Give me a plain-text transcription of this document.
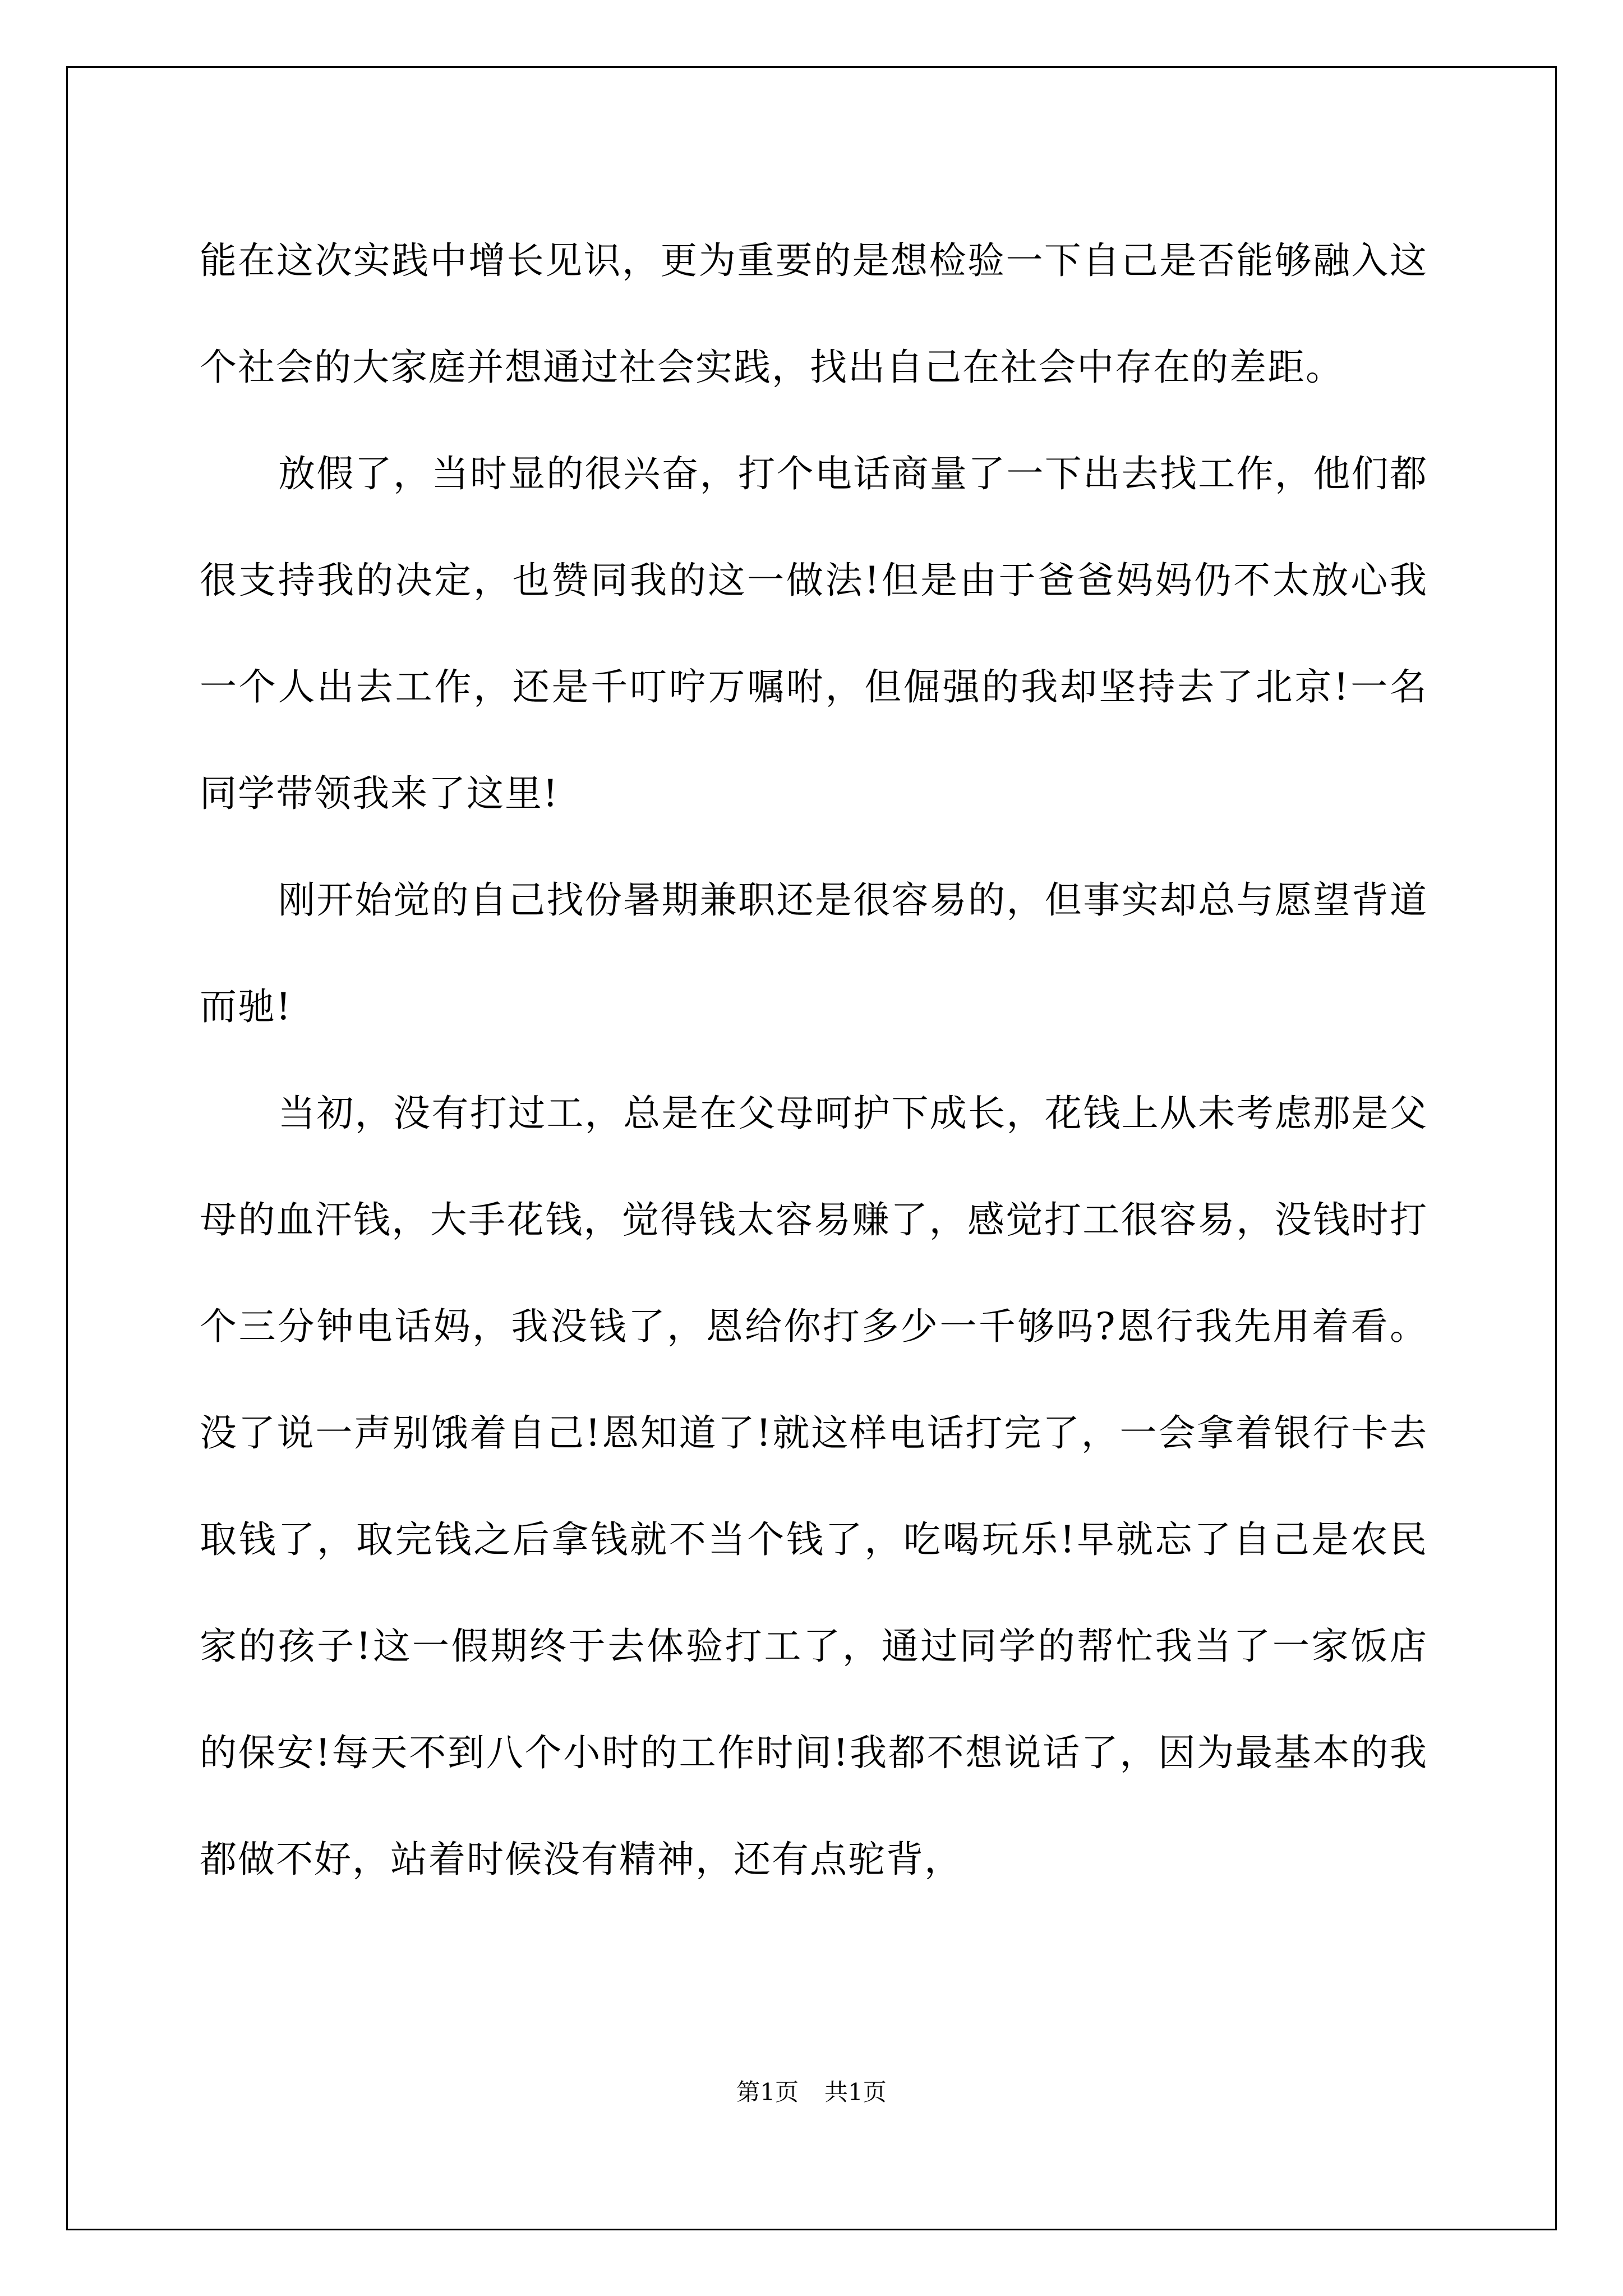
能在这次实践中增长见识，更为重要的是想检验一下自己是否能够融入这个社会的大家庭并想通过社会实践，找出自己在社会中存在的差距。

放假了，当时显的很兴奋，打个电话商量了一下出去找工作，他们都很支持我的决定，也赞同我的这一做法!但是由于爸爸妈妈仍不太放心我一个人出去工作，还是千叮咛万嘱咐，但倔强的我却坚持去了北京!一名同学带领我来了这里!

刚开始觉的自己找份暑期兼职还是很容易的，但事实却总与愿望背道而驰!

当初，没有打过工，总是在父母呵护下成长，花钱上从未考虑那是父母的血汗钱，大手花钱，觉得钱太容易赚了，感觉打工很容易，没钱时打个三分钟电话妈，我没钱了，恩给你打多少一千够吗?恩行我先用着看。没了说一声别饿着自己!恩知道了!就这样电话打完了，一会拿着银行卡去取钱了，取完钱之后拿钱就不当个钱了，吃喝玩乐!早就忘了自己是农民家的孩子!这一假期终于去体验打工了，通过同学的帮忙我当了一家饭店的保安!每天不到八个小时的工作时间!我都不想说话了，因为最基本的我都做不好，站着时候没有精神，还有点驼背，

第1页 共1页
